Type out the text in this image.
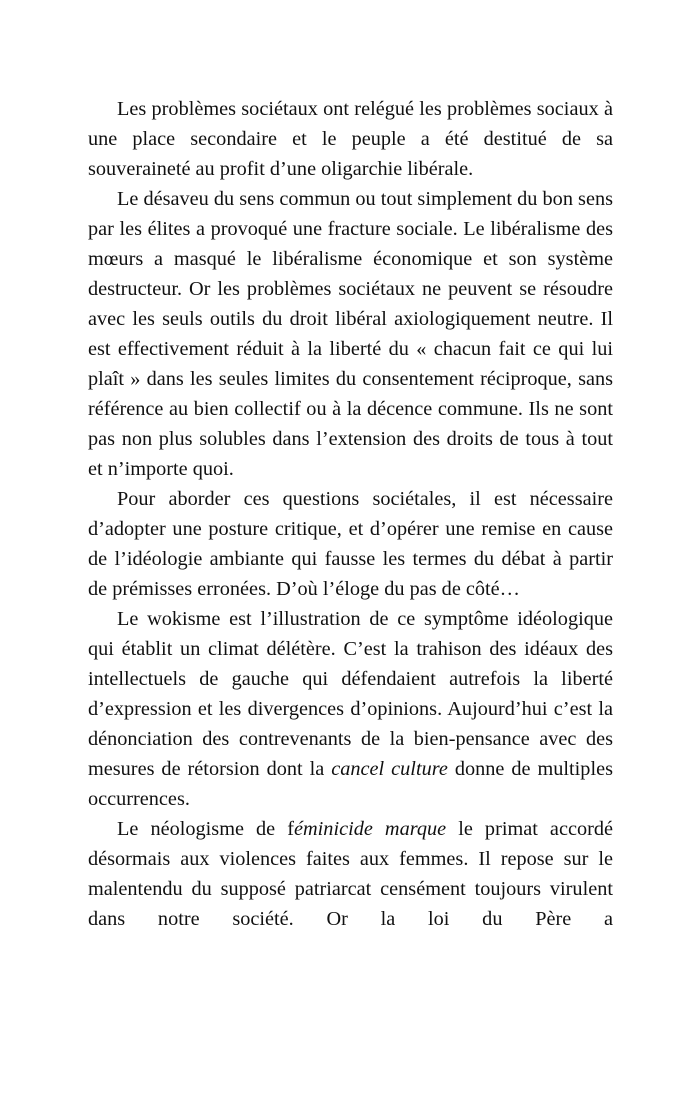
Les problèmes sociétaux ont relégué les problèmes sociaux à une place secondaire et le peuple a été destitué de sa souveraineté au profit d’une oligarchie libérale.

Le désaveu du sens commun ou tout simplement du bon sens par les élites a provoqué une fracture sociale. Le libéralisme des mœurs a masqué le libéralisme économique et son système destructeur. Or les problèmes sociétaux ne peuvent se résoudre avec les seuls outils du droit libéral axiologiquement neutre. Il est effectivement réduit à la liberté du « chacun fait ce qui lui plaît » dans les seules limites du consentement réciproque, sans référence au bien collectif ou à la décence commune. Ils ne sont pas non plus solubles dans l’extension des droits de tous à tout et n’importe quoi.

Pour aborder ces questions sociétales, il est nécessaire d’adopter une posture critique, et d’opérer une remise en cause de l’idéologie ambiante qui fausse les termes du débat à partir de prémisses erronées. D’où l’éloge du pas de côté…

Le wokisme est l’illustration de ce symptôme idéologique qui établit un climat délétère. C’est la trahison des idéaux des intellectuels de gauche qui défendaient autrefois la liberté d’expression et les divergences d’opinions. Aujourd’hui c’est la dénonciation des contrevenants de la bien-pensance avec des mesures de rétorsion dont la cancel culture donne de multiples occurrences.

Le néologisme de féminicide marque le primat accordé désormais aux violences faites aux femmes. Il repose sur le malentendu du supposé patriarcat censément toujours virulent dans notre société. Or la loi du Père a
